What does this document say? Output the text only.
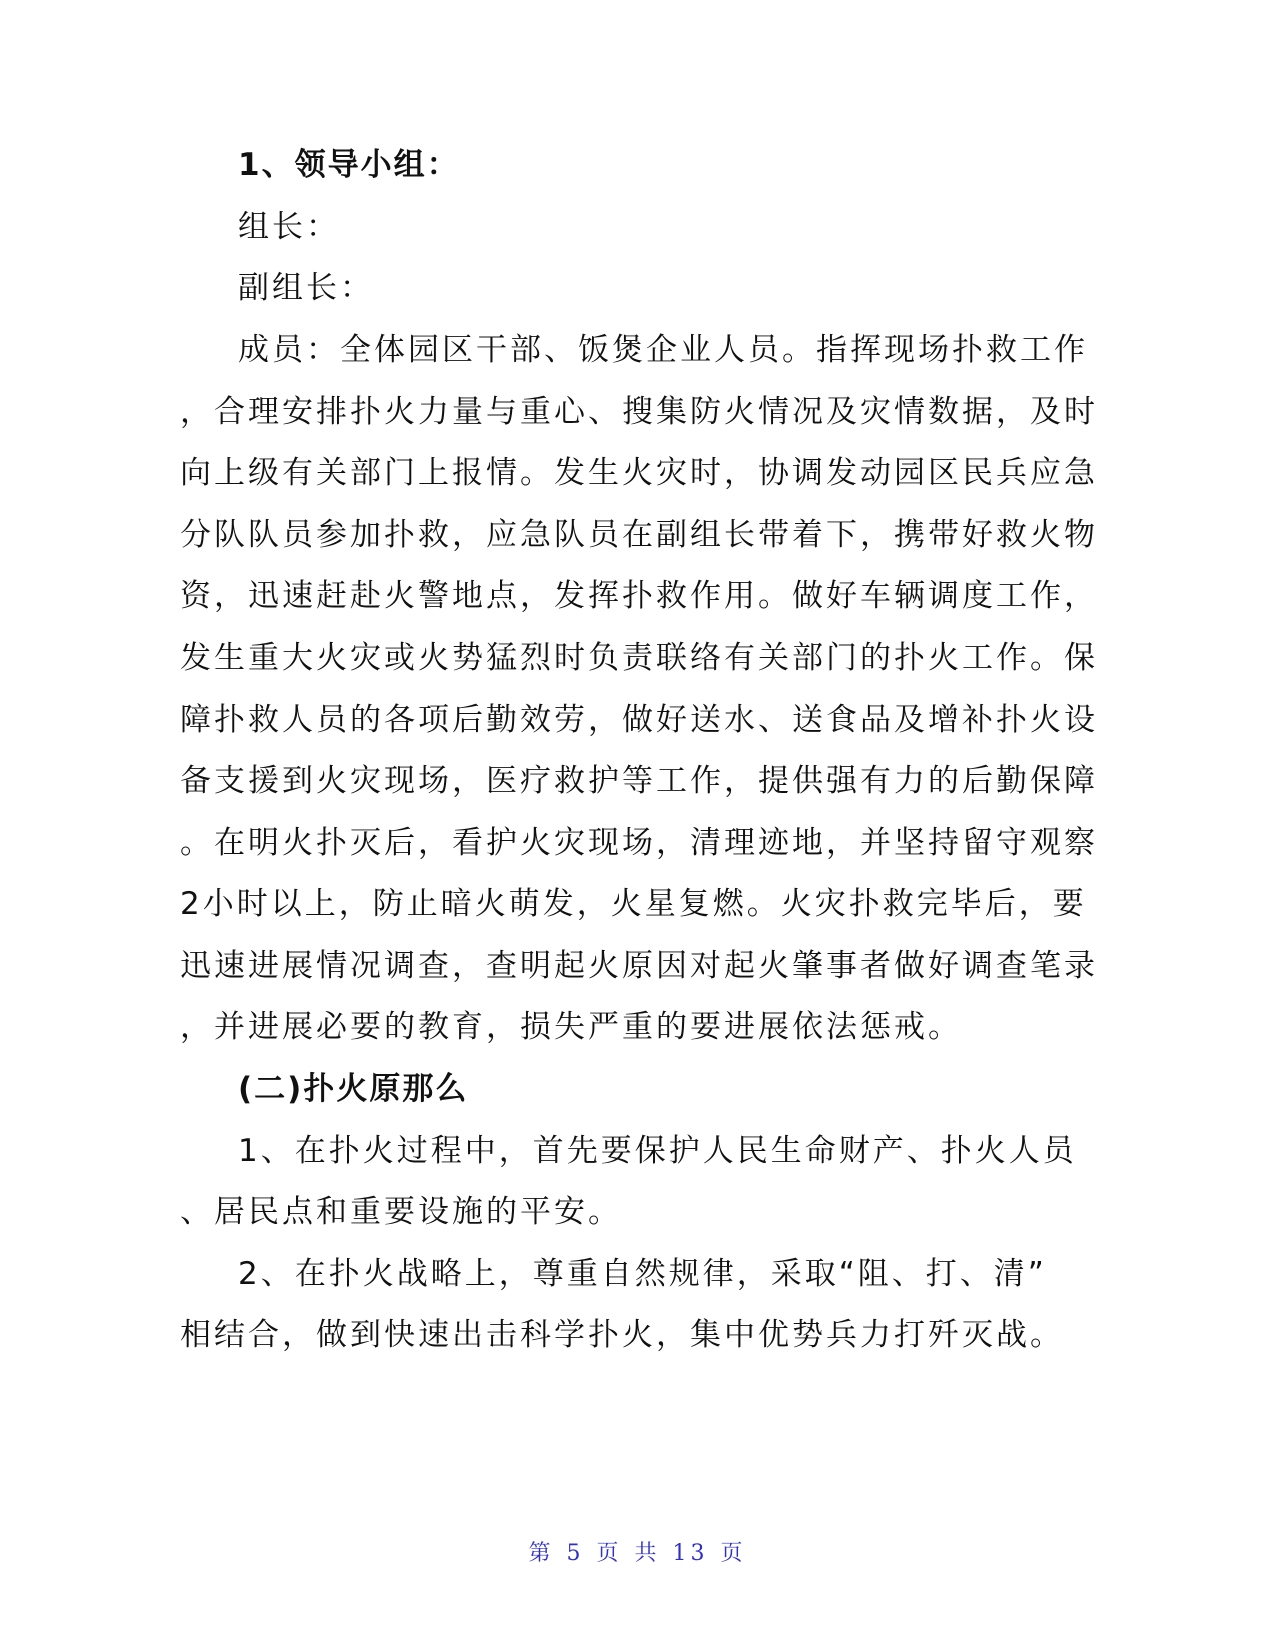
1、领导小组：
组长：
副组长：
成员：全体园区干部、饭煲企业人员。指挥现场扑救工作
，合理安排扑火力量与重心、搜集防火情况及灾情数据，及时
向上级有关部门上报情。发生火灾时，协调发动园区民兵应急
分队队员参加扑救，应急队员在副组长带着下，携带好救火物
资，迅速赶赴火警地点，发挥扑救作用。做好车辆调度工作，
发生重大火灾或火势猛烈时负责联络有关部门的扑火工作。保
障扑救人员的各项后勤效劳，做好送水、送食品及增补扑火设
备支援到火灾现场，医疗救护等工作，提供强有力的后勤保障
。在明火扑灭后，看护火灾现场，清理迹地，并坚持留守观察
2小时以上，防止暗火萌发，火星复燃。火灾扑救完毕后，要
迅速进展情况调查，查明起火原因对起火肇事者做好调查笔录
，并进展必要的教育，损失严重的要进展依法惩戒。
(二)扑火原那么
1、在扑火过程中，首先要保护人民生命财产、扑火人员
、居民点和重要设施的平安。
2、在扑火战略上，尊重自然规律，采取“阻、打、清”
相结合，做到快速出击科学扑火，集中优势兵力打歼灭战。
第 5 页 共 13 页
